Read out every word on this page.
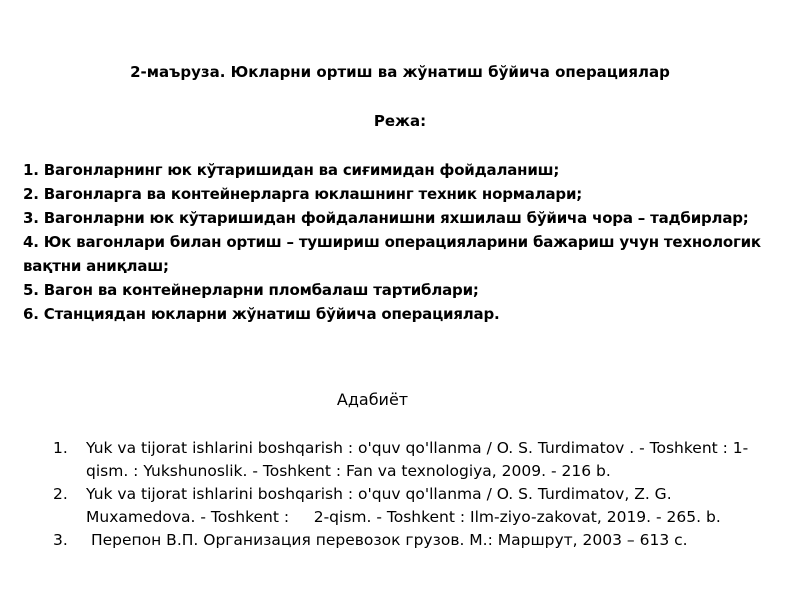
2-маъруза. Юкларни ортиш ва жўнатиш бўйича операциялар
Режа:
1. Вагонларнинг юк кўтаришидан ва сиғимидан фойдаланиш;
2. Вагонларга ва контейнерларга юклашнинг техник нормалари;
3. Вагонларни юк кўтаришидан фойдаланишни яхшилаш бўйича чора – тадбирлар;
4. Юк вагонлари билан ортиш – тушириш операцияларини бажариш учун технологик вақтни аниқлаш;
5. Вагон ва контейнерларни пломбалаш тартиблари;
6. Станциядан юкларни жўнатиш бўйича операциялар.
Адабиёт
1. Yuk va tijorat ishlarini boshqarish : o'quv qo'llanma / O. S. Turdimatov . - Toshkent : 1-qism. : Yukshunoslik. - Toshkent : Fan va texnologiya, 2009. - 216 b.
2. Yuk va tijorat ishlarini boshqarish : o'quv qo'llanma / O. S. Turdimatov, Z. G. Muxamedova. - Toshkent :     2-qism. - Toshkent : Ilm-ziyo-zakovat, 2019. - 265. b.
3. Перепон В.П. Организация перевозок грузов. М.: Маршрут, 2003 – 613 с.
